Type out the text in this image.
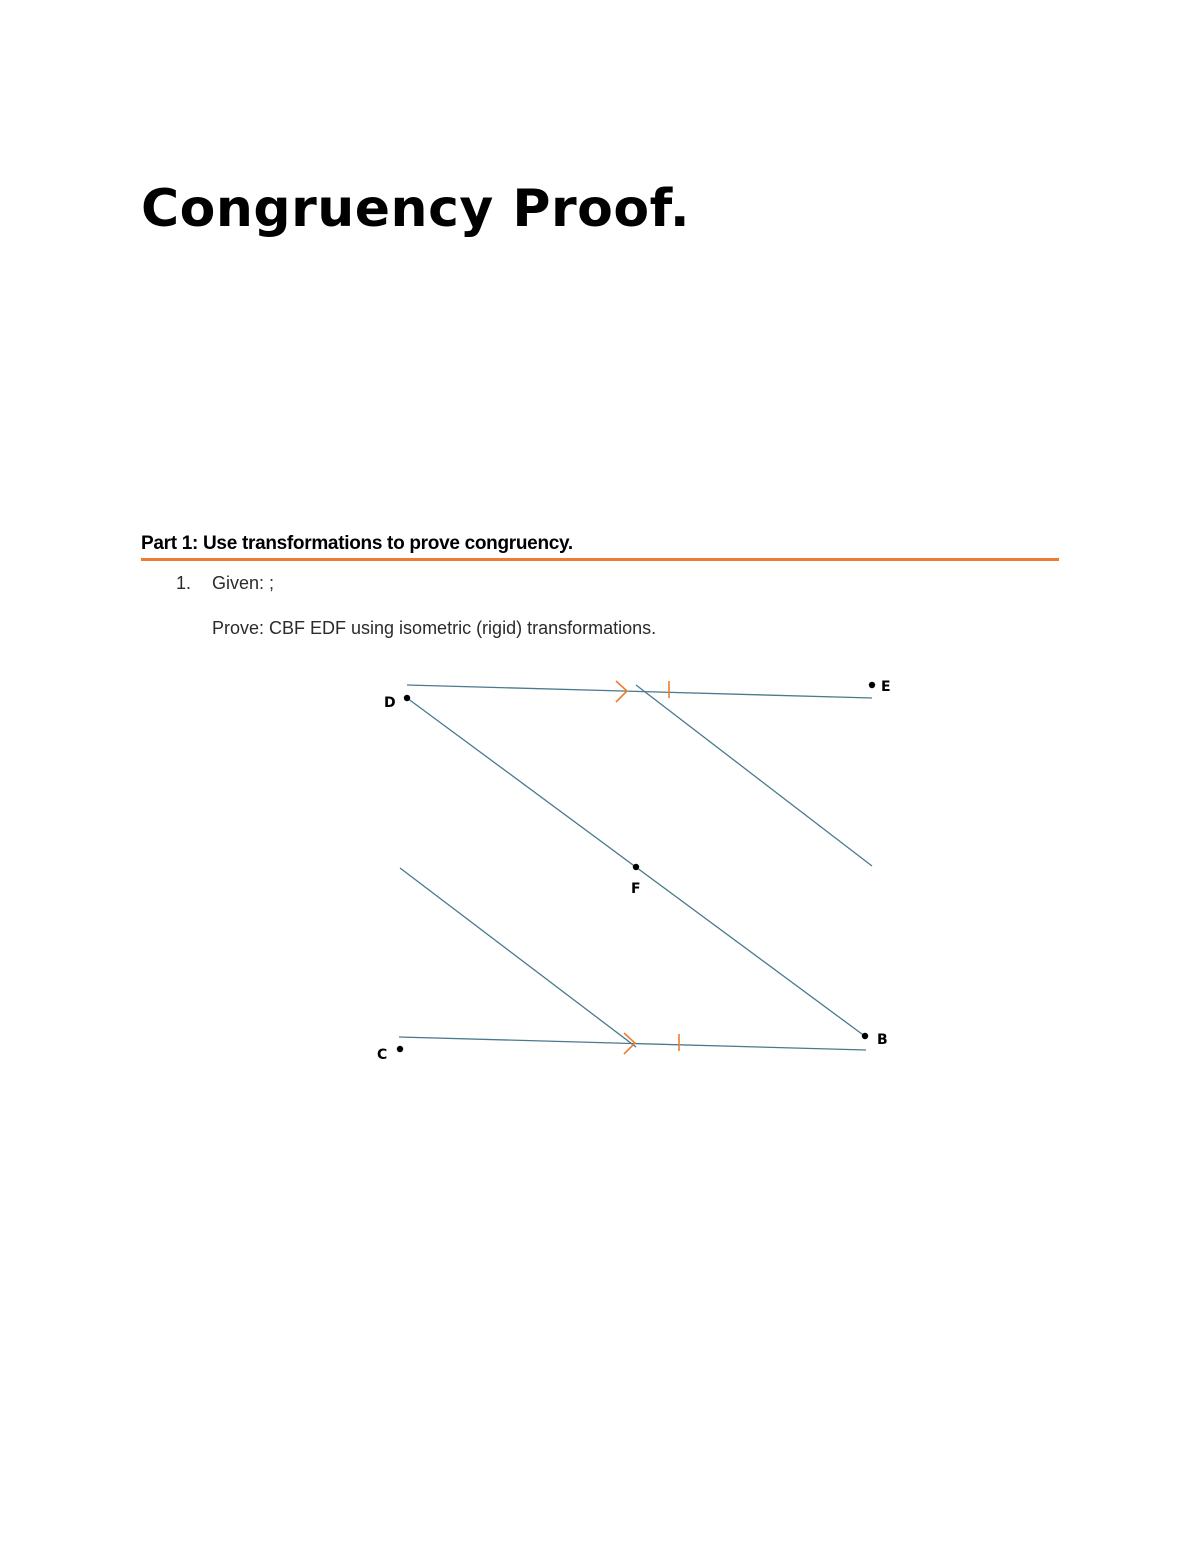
Congruency Proof.
Part 1: Use transformations to prove congruency.
1. Given: ;
Prove: CBF EDF using isometric (rigid) transformations.
D
E
F
C
B
